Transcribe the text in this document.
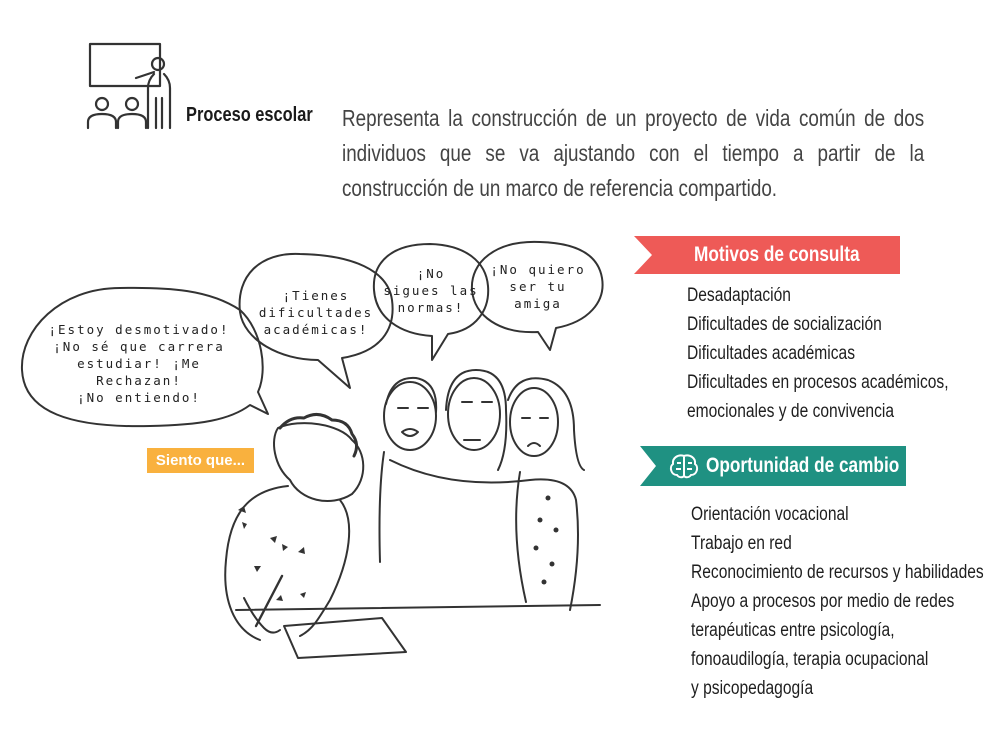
Proceso escolar Representa la construcción de un proyecto de vida común de dos individuos que se va ajustando con el tiempo a partir de la construcción de un marco de referencia compartido.
¡Estoy desmotivado!
¡No sé que carrera
estudiar! ¡Me
Rechazan!
¡No entiendo!
¡Tienes
dificultades
académicas!
¡No
sigues las
normas!
¡No quiero
ser tu
amiga
Siento que...
Motivos de consulta
Desadaptación
Dificultades de socialización
Dificultades académicas
Dificultades en procesos académicos,
emocionales y de convivencia
Oportunidad de cambio
Orientación vocacional
Trabajo en red
Reconocimiento de recursos y habilidades
Apoyo a procesos por medio de redes
terapéuticas entre psicología,
fonoaudilogía, terapia ocupacional
y psicopedagogía
